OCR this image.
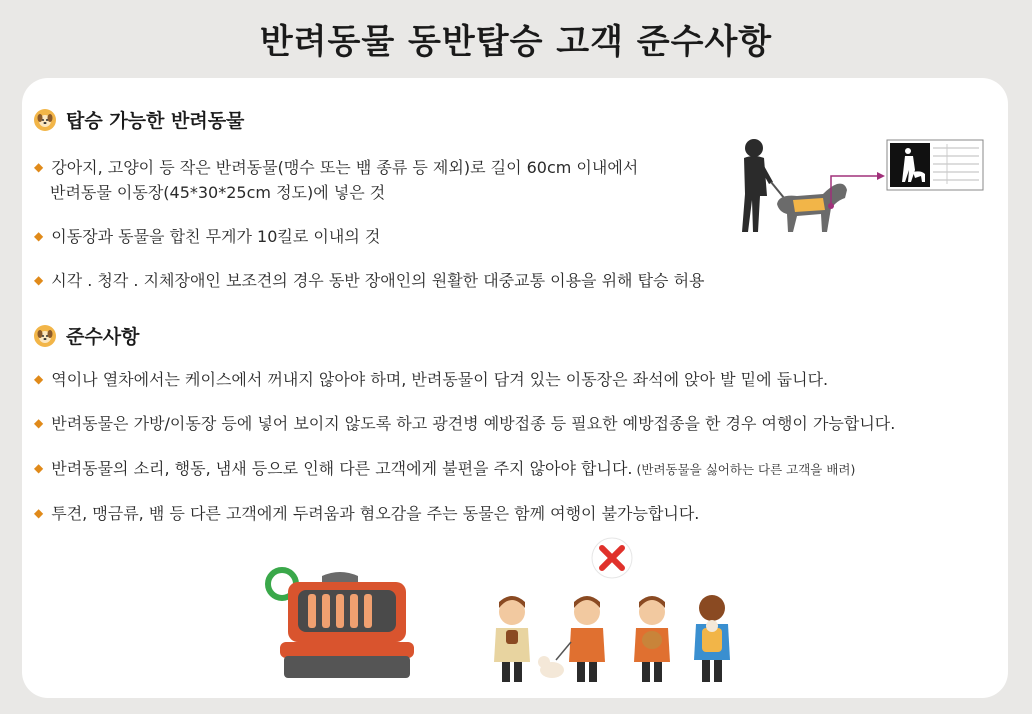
반려동물 동반탑승 고객 준수사항
탑승 가능한 반려동물
◆ 강아지, 고양이 등 작은 반려동물(맹수 또는 뱀 종류 등 제외)로 길이 60cm 이내에서
반려동물 이동장(45*30*25cm 정도)에 넣은 것
◆ 이동장과 동물을 합친 무게가 10킬로 이내의 것
◆ 시각 . 청각 . 지체장애인 보조견의 경우 동반 장애인의 원활한 대중교통 이용을 위해 탑승 허용
준수사항
◆ 역이나 열차에서는 케이스에서 꺼내지 않아야 하며, 반려동물이 담겨 있는 이동장은 좌석에 앉아 발 밑에 둡니다.
◆ 반려동물은 가방/이동장 등에 넣어 보이지 않도록 하고 광견병 예방접종 등 필요한 예방접종을 한 경우 여행이 가능합니다.
◆ 반려동물의 소리, 행동, 냄새 등으로 인해 다른 고객에게 불편을 주지 않아야 합니다. (반려동물을 싫어하는 다른 고객을 배려)
◆ 투견, 맹금류, 뱀 등 다른 고객에게 두려움과 혐오감을 주는 동물은 함께 여행이 불가능합니다.
